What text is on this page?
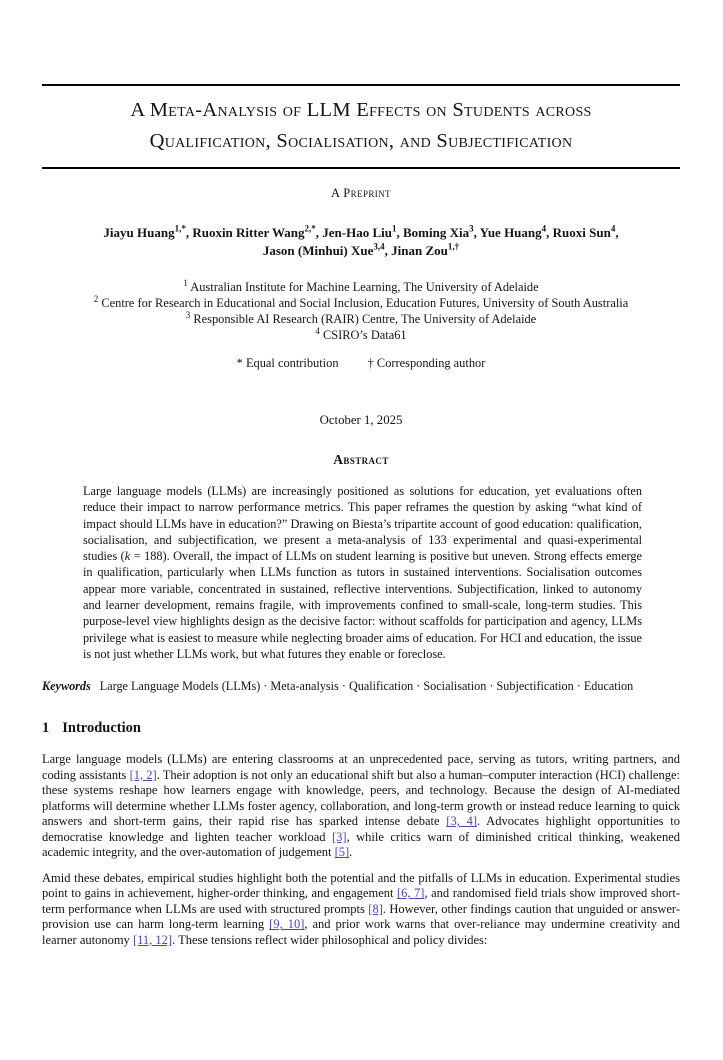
A Meta-Analysis of LLM Effects on Students across
Qualification, Socialisation, and Subjectification
A Preprint
Jiayu Huang$^{1,*}$, Ruoxin Ritter Wang$^{2,*}$, Jen-Hao Liu$^1$, Boming Xia$^3$, Yue Huang$^4$, Ruoxi Sun$^4$,
Jason (Minhui) Xue$^{3,4}$, Jinan Zou$^{1,\dagger}$
$^1$ Australian Institute for Machine Learning, The University of Adelaide
$^2$ Centre for Research in Educational and Social Inclusion, Education Futures, University of South Australia
$^3$ Responsible AI Research (RAIR) Centre, The University of Adelaide
$^4$ CSIRO’s Data61
* Equal contribution † Corresponding author
October 1, 2025
Abstract

Large language models (LLMs) are increasingly positioned as solutions for education, yet evaluations often reduce their impact to narrow performance metrics. This paper reframes the question by asking “what kind of impact should LLMs have in education?” Drawing on Biesta’s tripartite account of good education: qualification, socialisation, and subjectification, we present a meta-analysis of 133 experimental and quasi-experimental studies (k = 188). Overall, the impact of LLMs on student learning is positive but uneven. Strong effects emerge in qualification, particularly when LLMs function as tutors in sustained interventions. Socialisation outcomes appear more variable, concentrated in sustained, reflective interventions. Subjectification, linked to autonomy and learner development, remains fragile, with improvements confined to small-scale, long-term studies. This purpose-level view highlights design as the decisive factor: without scaffolds for participation and agency, LLMs privilege what is easiest to measure while neglecting broader aims of education. For HCI and education, the issue is not just whether LLMs work, but what futures they enable or foreclose.

Keywords Large Language Models (LLMs) · Meta-analysis · Qualification · Socialisation · Subjectification · Education
1 Introduction

Large language models (LLMs) are entering classrooms at an unprecedented pace, serving as tutors, writing partners, and coding assistants [1, 2]. Their adoption is not only an educational shift but also a human–computer interaction (HCI) challenge: these systems reshape how learners engage with knowledge, peers, and technology. Because the design of AI-mediated platforms will determine whether LLMs foster agency, collaboration, and long-term growth or instead reduce learning to quick answers and short-term gains, their rapid rise has sparked intense debate [3, 4]. Advocates highlight opportunities to democratise knowledge and lighten teacher workload [3], while critics warn of diminished critical thinking, weakened academic integrity, and the over-automation of judgement [5].

Amid these debates, empirical studies highlight both the potential and the pitfalls of LLMs in education. Experimental studies point to gains in achievement, higher-order thinking, and engagement [6, 7], and randomised field trials show improved short-term performance when LLMs are used with structured prompts [8]. However, other findings caution that unguided or answer-provision use can harm long-term learning [9, 10], and prior work warns that over-reliance may undermine creativity and learner autonomy [11, 12]. These tensions reflect wider philosophical and policy divides:
